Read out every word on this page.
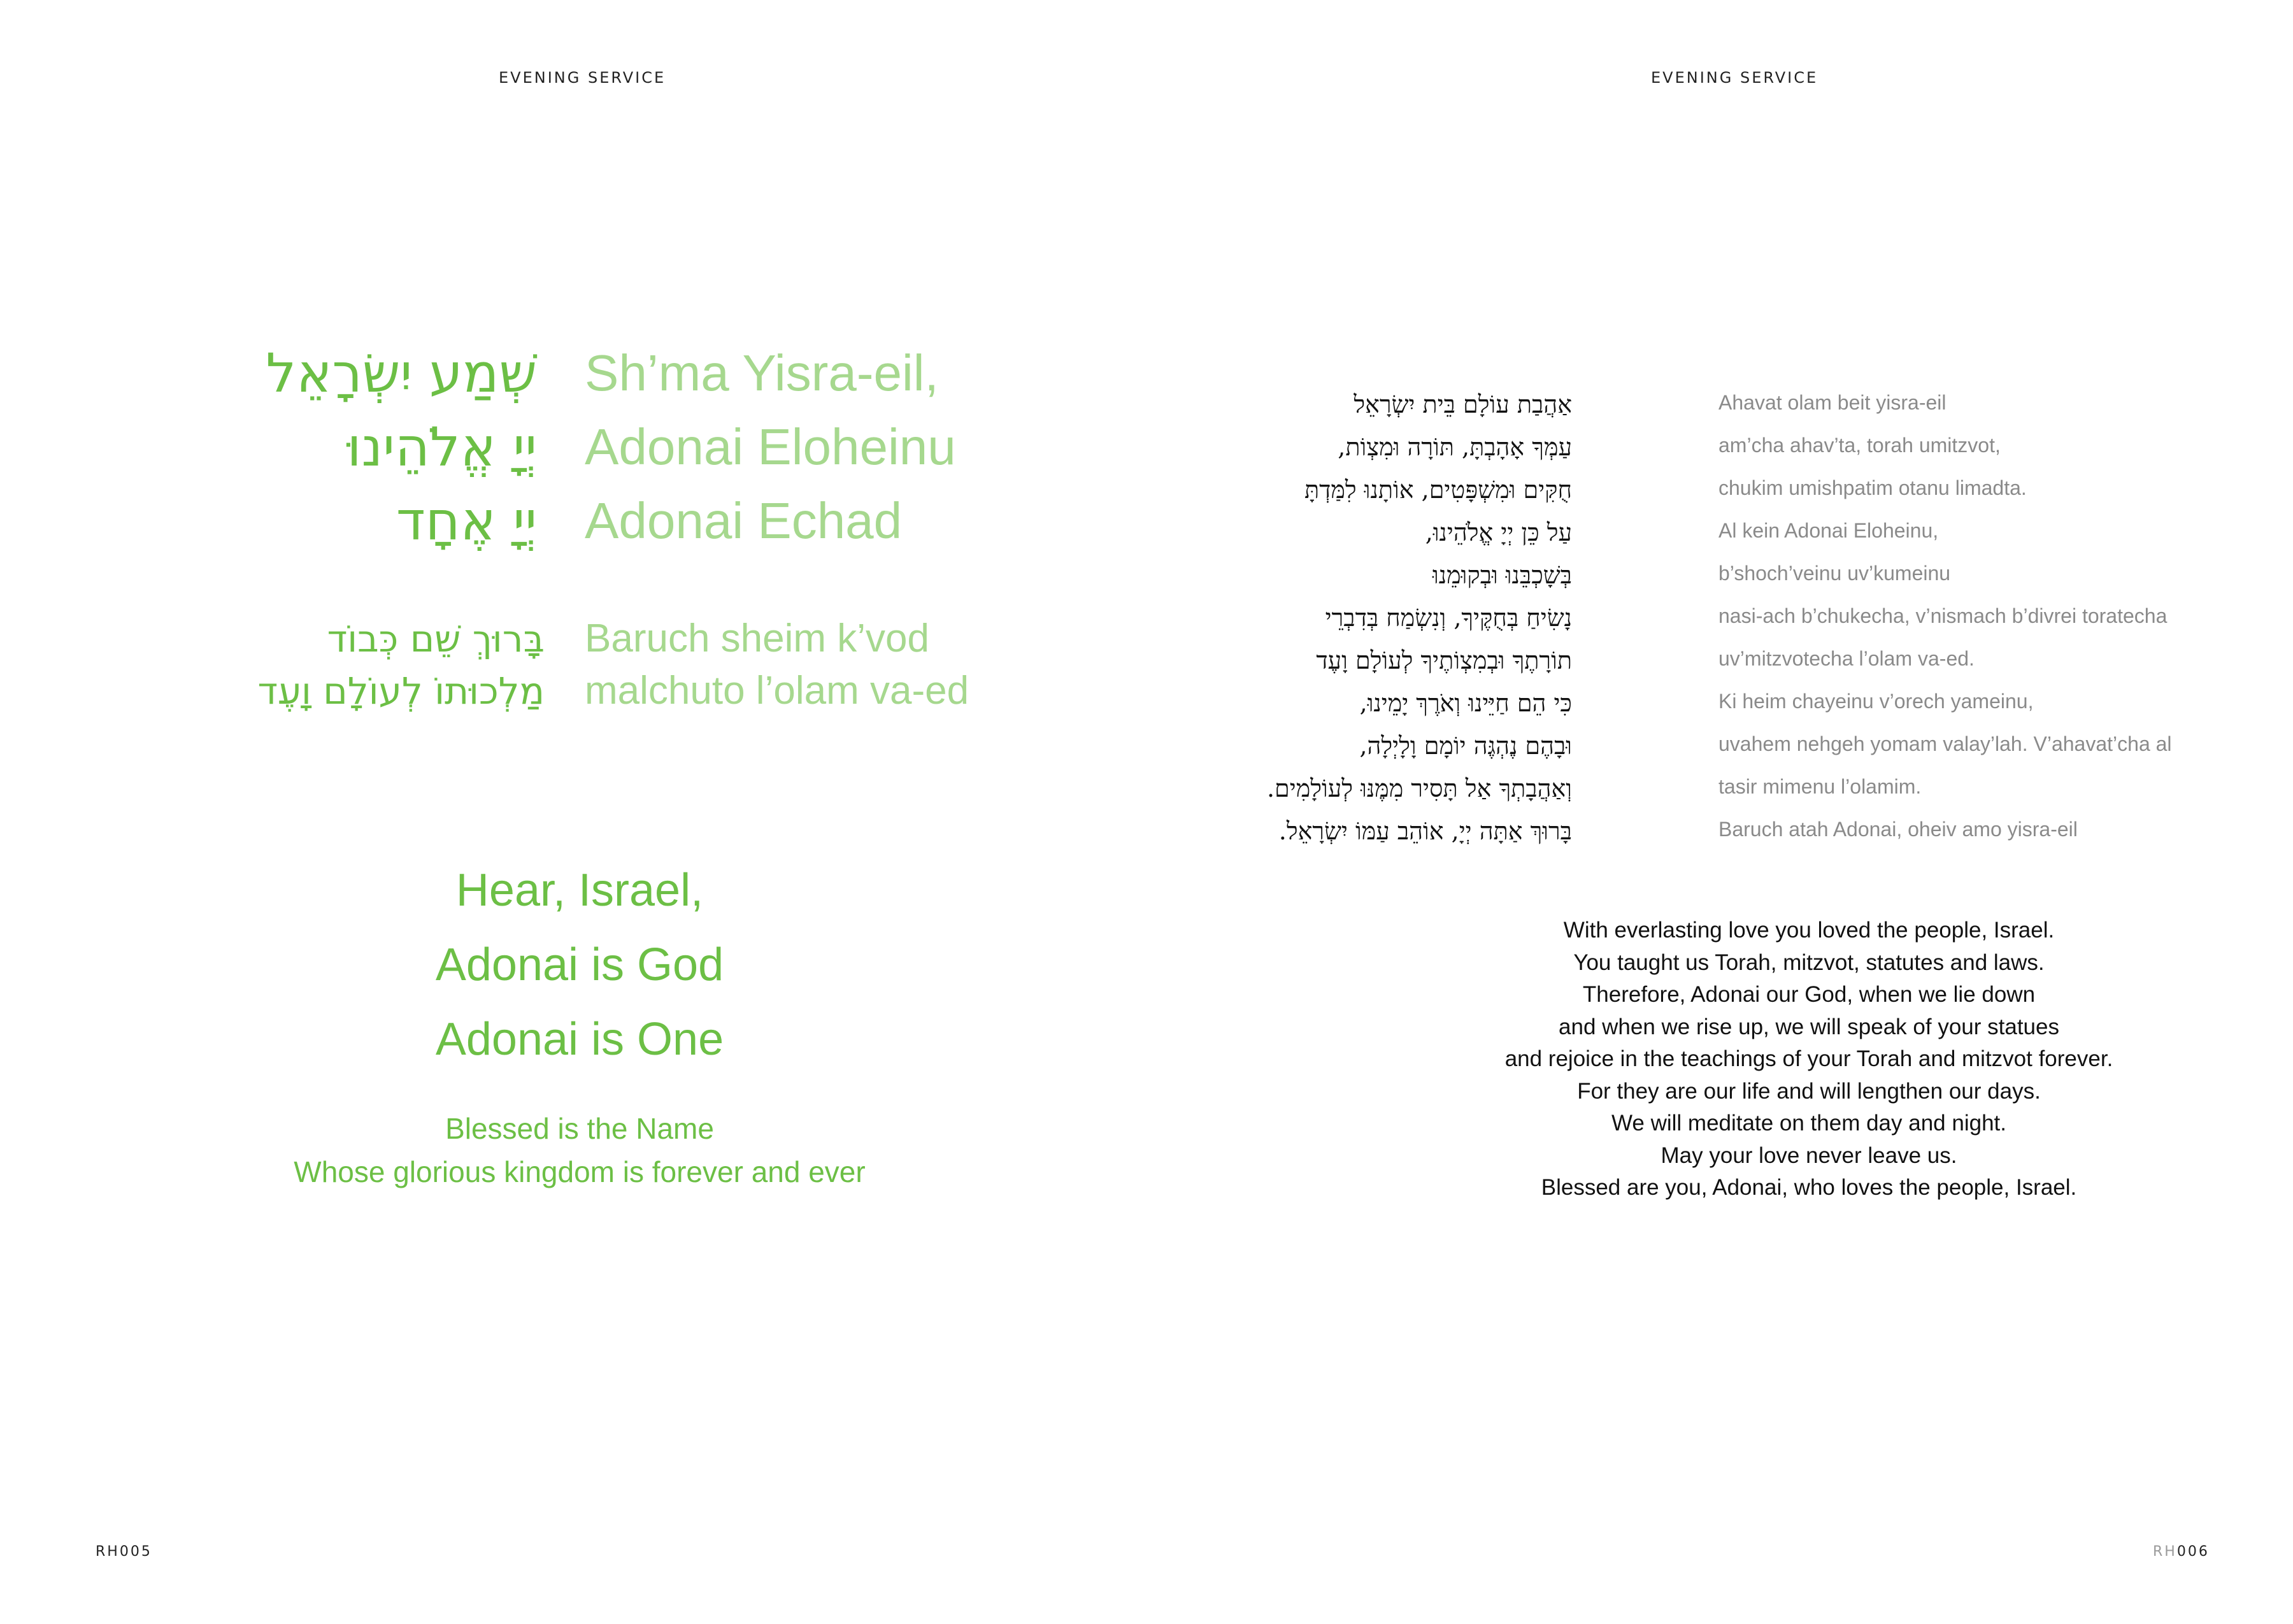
EVENING SERVICE
שְׁמַע יִשְׂרָאֵל Sh’ma Yisra-eil,
יְיָ אֱלֹהֵינוּ Adonai Eloheinu
יְיָ אֶחָד Adonai Echad
בָּרוּךְ שֵׁם כְּבוֹד Baruch sheim k’vod
מַלְכוּתוֹ לְעוֹלָם וָעֶד malchuto l’olam va-ed
Hear, Israel,
Adonai is God
Adonai is One
Blessed is the Name
Whose glorious kingdom is forever and ever
RH005
EVENING SERVICE
אַהֲבַת עוֹלָם בֵּית יִשְׂרָאֵל	Ahavat olam beit yisra-eil
עַמְּךָ אָהָבְתָּ, תּוֹרָה וּמִצְוֹת,	am’cha ahav’ta, torah umitzvot,
חֻקִּים וּמִשְׁפָּטִים, אוֹתָנוּ לִמַּדְתָּ	chukim umishpatim otanu limadta.
עַל כֵּן יְיָ אֱלֹהֵינוּ,	Al kein Adonai Eloheinu,
בְּשָׁכְבֵּנוּ וּבְקוּמֵנוּ	b’shoch’veinu uv’kumeinu
נָשִׂיחַ בְּחֻקֶּיךָ, וְנִשְׂמַח בְּדִבְרֵי	nasi-ach b’chukecha, v’nismach b’divrei toratecha
תוֹרָתֶךָ וּבְמִצְוֹתֶיךָ לְעוֹלָם וָעֶד	uv’mitzvotecha l’olam va-ed.
כִּי הֵם חַיֵּינוּ וְאֹרֶךְ יָמֵינוּ,	Ki heim chayeinu v’orech yameinu,
וּבָהֶם נֶהְגֶּה יוֹמָם וָלָיְלָה,	uvahem nehgeh yomam valay’lah. V’ahavat’cha al
וְאַהֲבָתְךָ אַל תָּסִיר מִמֶּנּוּ לְעוֹלָמִים.	tasir mimenu l’olamim.
בָּרוּךְ אַתָּה יְיָ, אוֹהֵב עַמּוֹ יִשְׂרָאֵל.	Baruch atah Adonai, oheiv amo yisra-eil
With everlasting love you loved the people, Israel.
You taught us Torah, mitzvot, statutes and laws.
Therefore, Adonai our God, when we lie down
and when we rise up, we will speak of your statues
and rejoice in the teachings of your Torah and mitzvot forever.
For they are our life and will lengthen our days.
We will meditate on them day and night.
May your love never leave us.
Blessed are you, Adonai, who loves the people, Israel.
RH006
